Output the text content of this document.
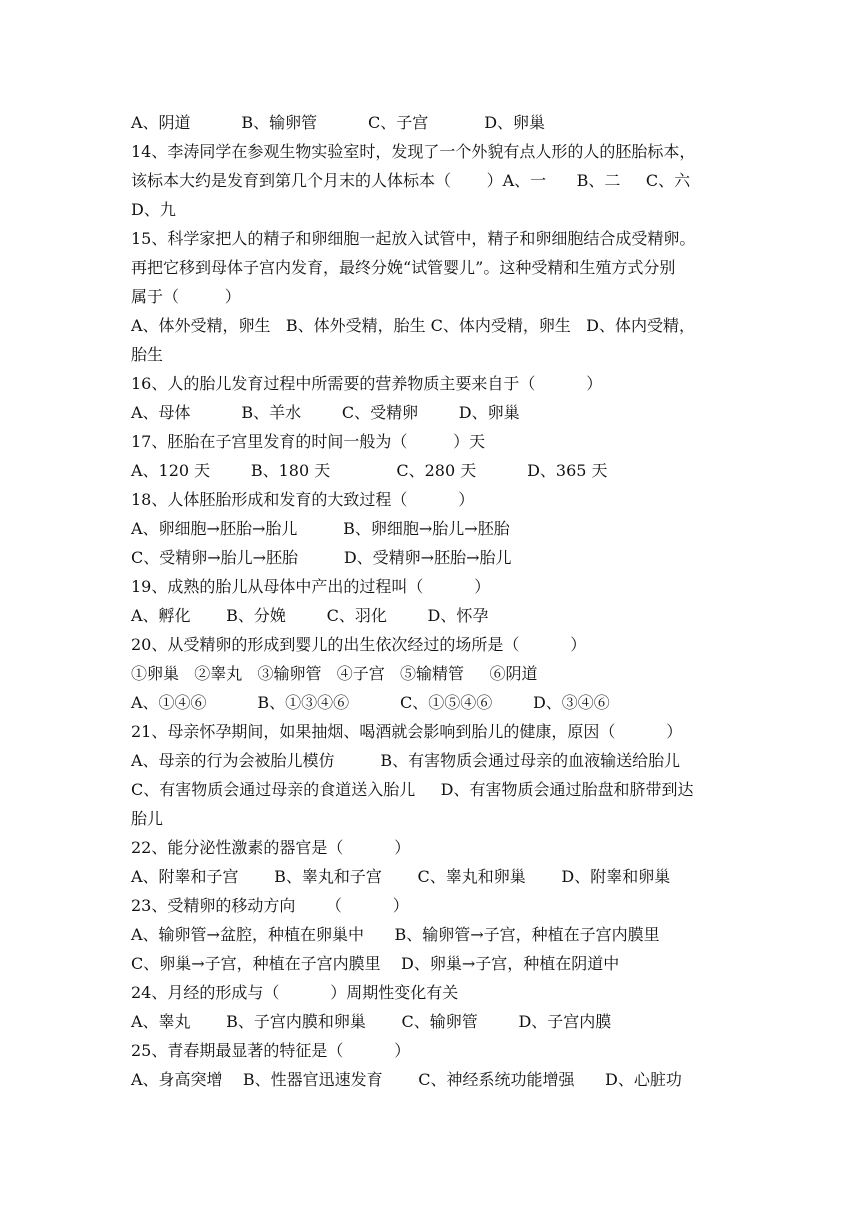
A、阴道          B、输卵管          C、子宫           D、卵巢
14、李涛同学在参观生物实验室时，发现了一个外貌有点人形的人的胚胎标本，
该标本大约是发育到第几个月末的人体标本（       ）A、一      B、二     C、六
D、九
15、科学家把人的精子和卵细胞一起放入试管中，精子和卵细胞结合成受精卵。
再把它移到母体子宫内发育，最终分娩“试管婴儿”。这种受精和生殖方式分别
属于（         ）
A、体外受精，卵生   B、体外受精，胎生 C、体内受精，卵生   D、体内受精，
胎生
16、人的胎儿发育过程中所需要的营养物质主要来自于（          ）
A、母体          B、羊水        C、受精卵        D、卵巢
17、胚胎在子宫里发育的时间一般为（         ）天
A、120 天        B、180 天             C、280 天          D、365 天
18、人体胚胎形成和发育的大致过程（          ）
A、卵细胞→胚胎→胎儿         B、卵细胞→胎儿→胚胎
C、受精卵→胎儿→胚胎         D、受精卵→胚胎→胎儿
19、成熟的胎儿从母体中产出的过程叫（          ）
A、孵化       B、分娩        C、羽化        D、怀孕
20、从受精卵的形成到婴儿的出生依次经过的场所是（          ）
①卵巢   ②睾丸   ③输卵管   ④子宫   ⑤输精管     ⑥阴道
A、①④⑥          B、①③④⑥          C、①⑤④⑥        D、③④⑥
21、母亲怀孕期间，如果抽烟、喝酒就会影响到胎儿的健康，原因（          ）
A、母亲的行为会被胎儿模仿         B、有害物质会通过母亲的血液输送给胎儿
C、有害物质会通过母亲的食道送入胎儿     D、有害物质会通过胎盘和脐带到达
胎儿
22、能分泌性激素的器官是（          ）
A、附睾和子宫       B、睾丸和子宫       C、睾丸和卵巢       D、附睾和卵巢
23、受精卵的移动方向      （          ）
A、输卵管→盆腔，种植在卵巢中      B、输卵管→子宫，种植在子宫内膜里
C、卵巢→子宫，种植在子宫内膜里    D、卵巢→子宫，种植在阴道中
24、月经的形成与（          ）周期性变化有关
A、睾丸       B、子宫内膜和卵巢       C、输卵管        D、子宫内膜
25、青春期最显著的特征是（          ）
A、身高突增    B、性器官迅速发育       C、神经系统功能增强      D、心脏功
